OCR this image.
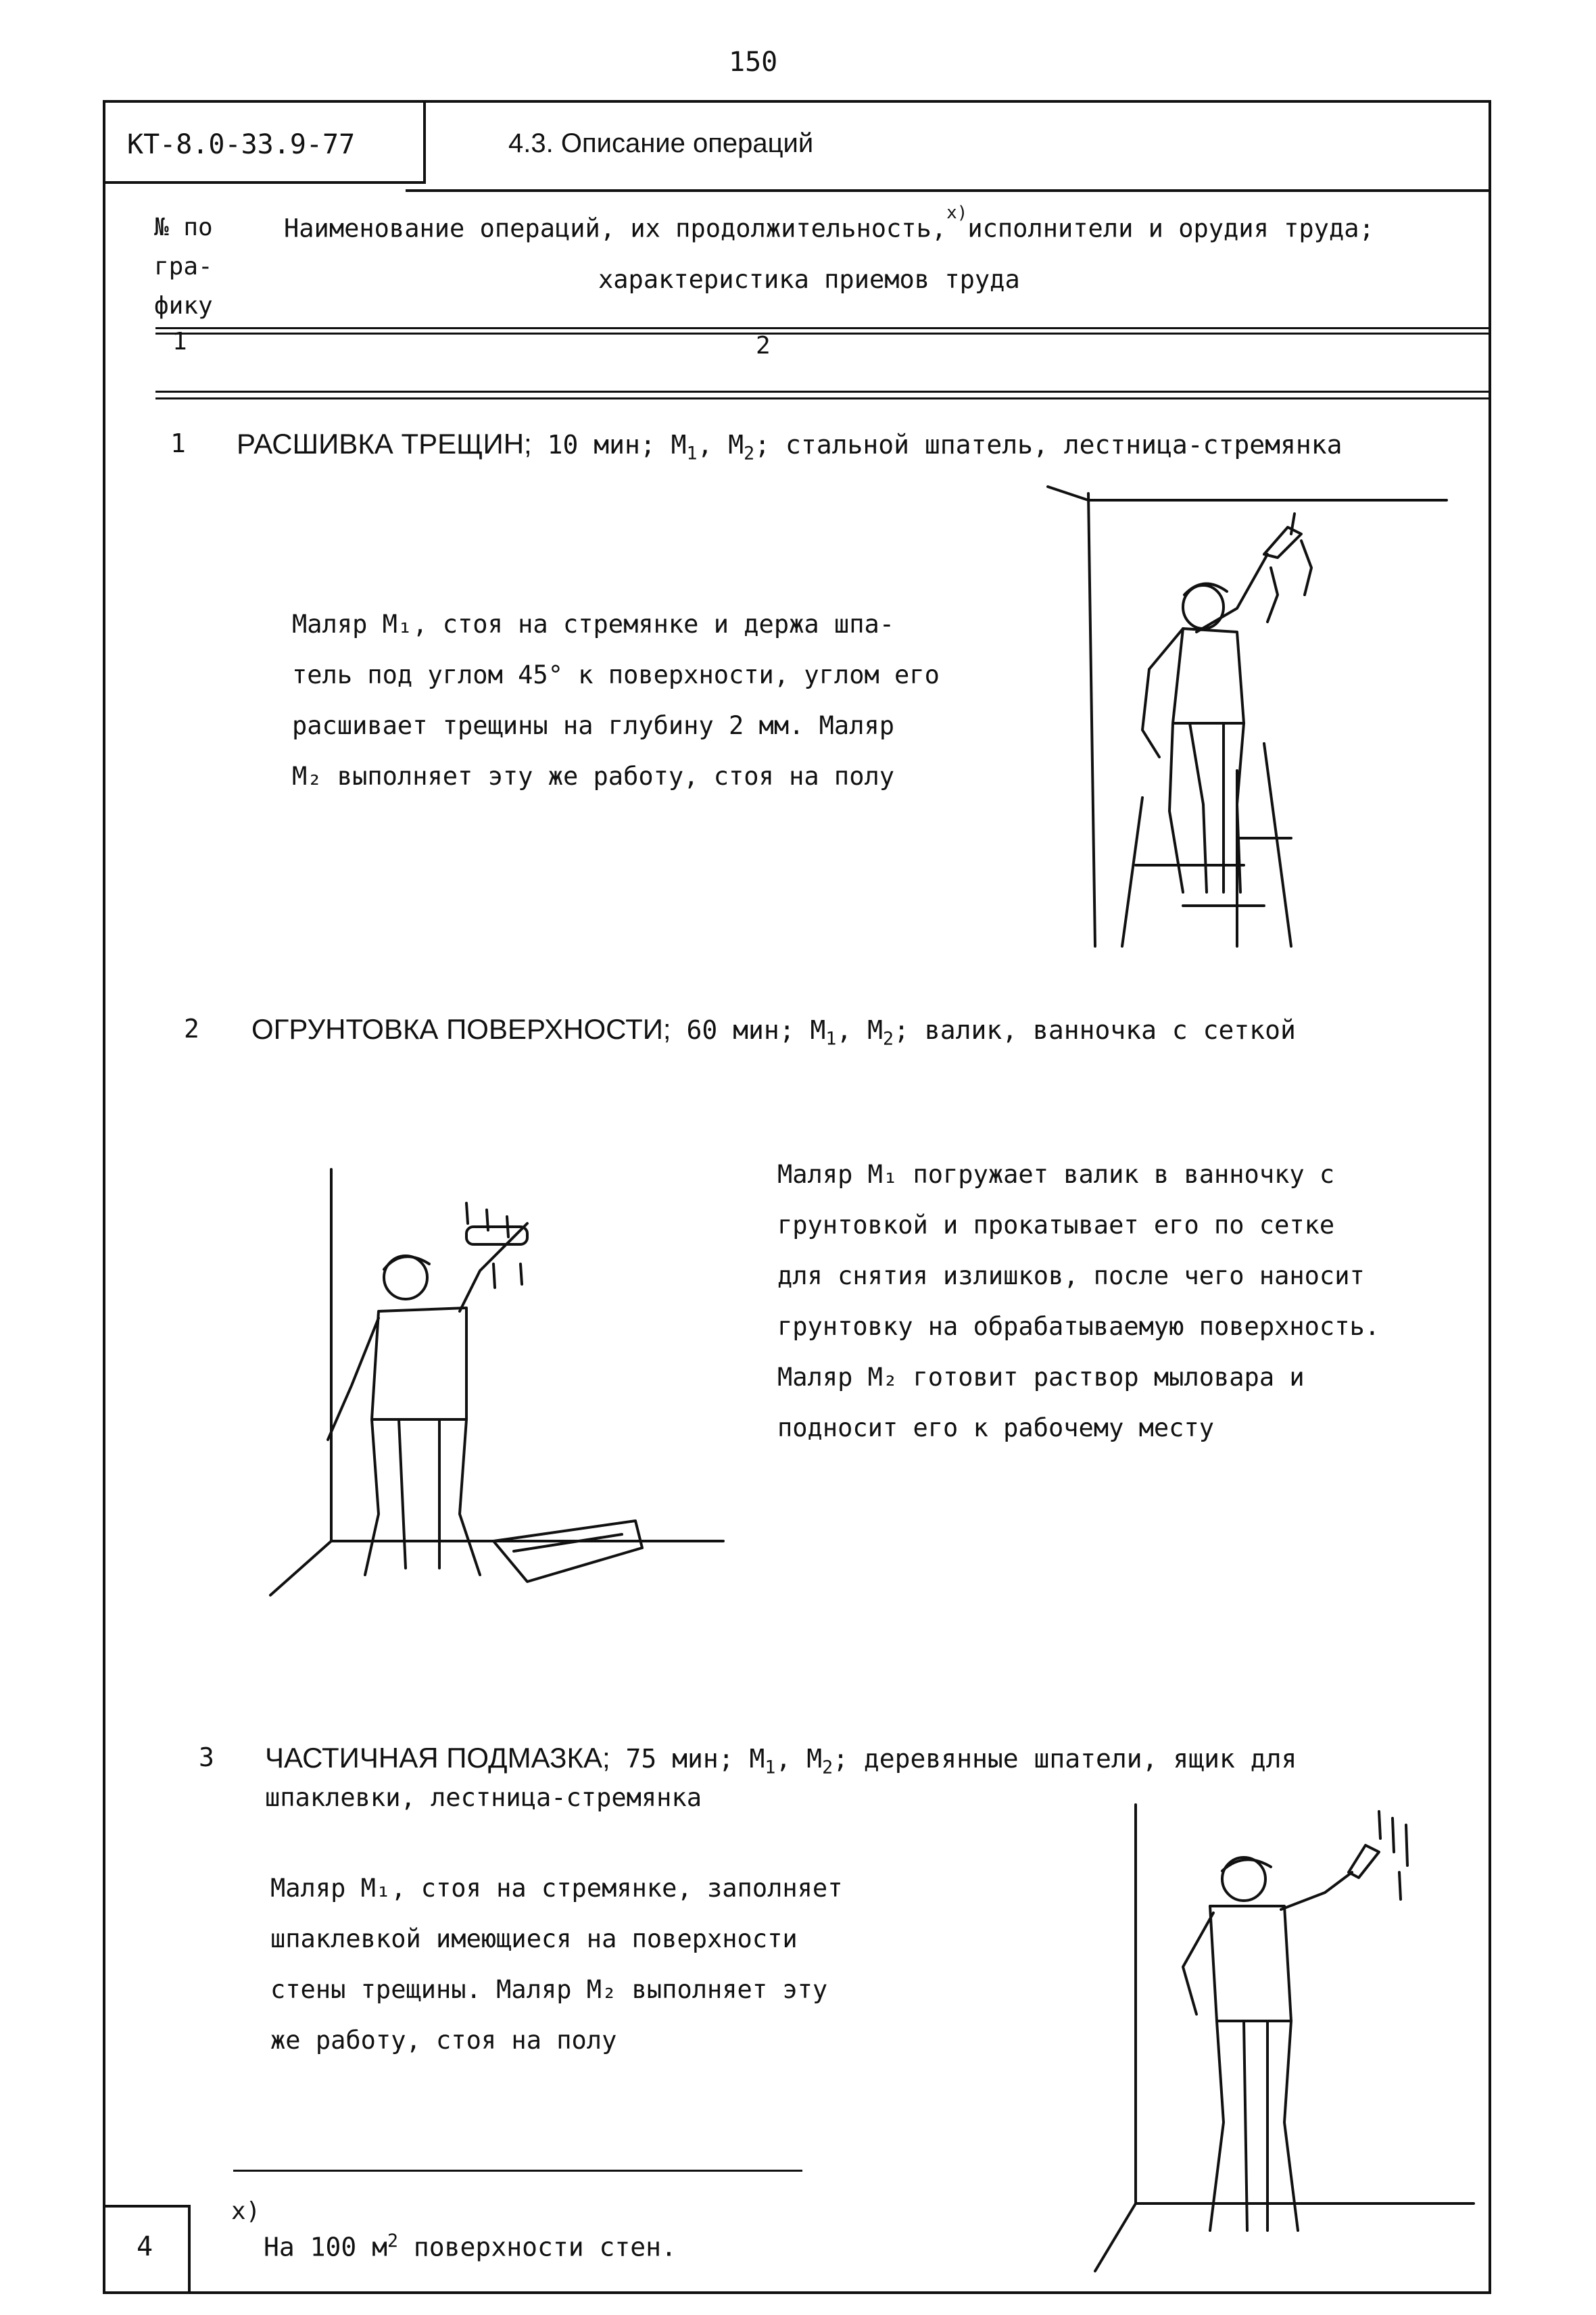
150
КТ-8.0-33.9-77	4.3. Описание операций
№ по
гра-
фику
Наименование операций, их продолжительность,$^{x)}$исполнители и орудия труда;
характеристика приемов труда
1	2
1 РАСШИВКА ТРЕЩИН; 10 мин; $М_1$, $М_2$; стальной шпатель, лестница-стремянка
Маляр М₁, стоя на стремянке и держа шпа-
тель под углом 45° к поверхности, углом его
расшивает трещины на глубину 2 мм. Маляр
М₂ выполняет эту же работу, стоя на полу
2 ОГРУНТОВКА ПОВЕРХНОСТИ; 60 мин; $М_1$, $М_2$; валик, ванночка с сеткой
Маляр М₁ погружает валик в ванночку с
грунтовкой и прокатывает его по сетке
для снятия излишков, после чего наносит
грунтовку на обрабатываемую поверхность.
Маляр М₂ готовит раствор мыловара и
подносит его к рабочему месту
3 ЧАСТИЧНАЯ ПОДМАЗКА; 75 мин; $М_1$, $М_2$; деревянные шпатели, ящик для
шпаклевки, лестница-стремянка
Маляр М₁, стоя на стремянке, заполняет
шпаклевкой имеющиеся на поверхности
стены трещины. Маляр М₂ выполняет эту
же работу, стоя на полу
x)
На 100 $м^2$ поверхности стен.
4
